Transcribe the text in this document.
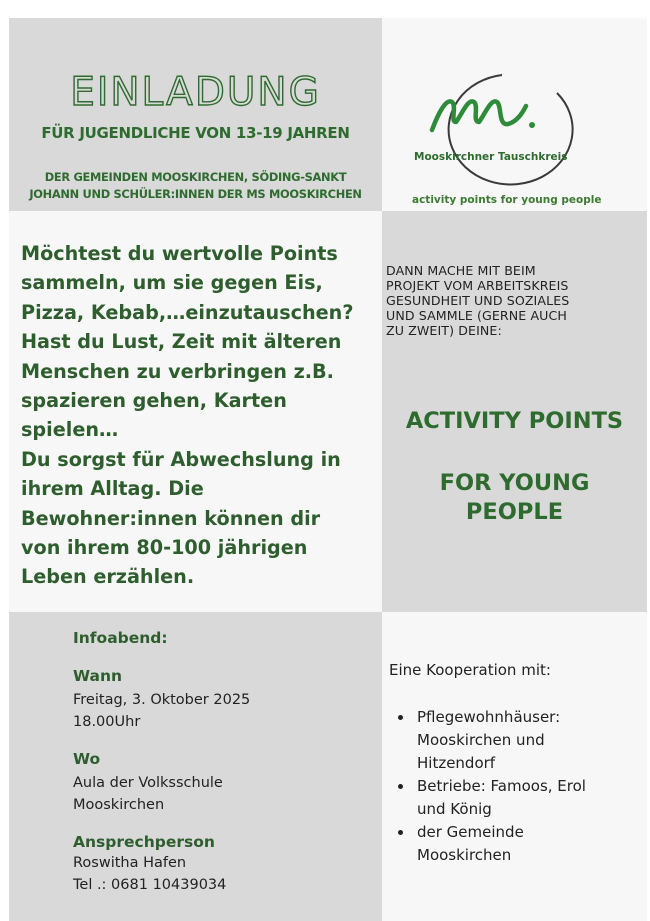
EINLADUNG
FÜR JUGENDLICHE VON 13-19 JAHREN
DER GEMEINDEN MOOSKIRCHEN, SÖDING-SANKT
JOHANN UND SCHÜLER:INNEN DER MS MOOSKIRCHEN
Mooskirchner Tauschkreis
activity points for young people
Möchtest du wertvolle Points
sammeln, um sie gegen Eis,
Pizza, Kebab,…einzutauschen?
Hast du Lust, Zeit mit älteren
Menschen zu verbringen z.B.
spazieren gehen, Karten
spielen…
Du sorgst für Abwechslung in
ihrem Alltag. Die
Bewohner:innen können dir
von ihrem 80-100 jährigen
Leben erzählen.
DANN MACHE MIT BEIM
PROJEKT VOM ARBEITSKREIS
GESUNDHEIT UND SOZIALES
UND SAMMLE (GERNE AUCH
ZU ZWEIT) DEINE:
ACTIVITY POINTS
FOR YOUNG
PEOPLE
Infoabend:
Wann
Freitag, 3. Oktober 2025
18.00Uhr
Wo
Aula der Volksschule
Mooskirchen
Ansprechperson
Roswitha Hafen
Tel .: 0681 10439034
Eine Kooperation mit:
Pflegewohnhäuser:
Mooskirchen und
Hitzendorf
Betriebe: Famoos, Erol
und König
der Gemeinde
Mooskirchen
